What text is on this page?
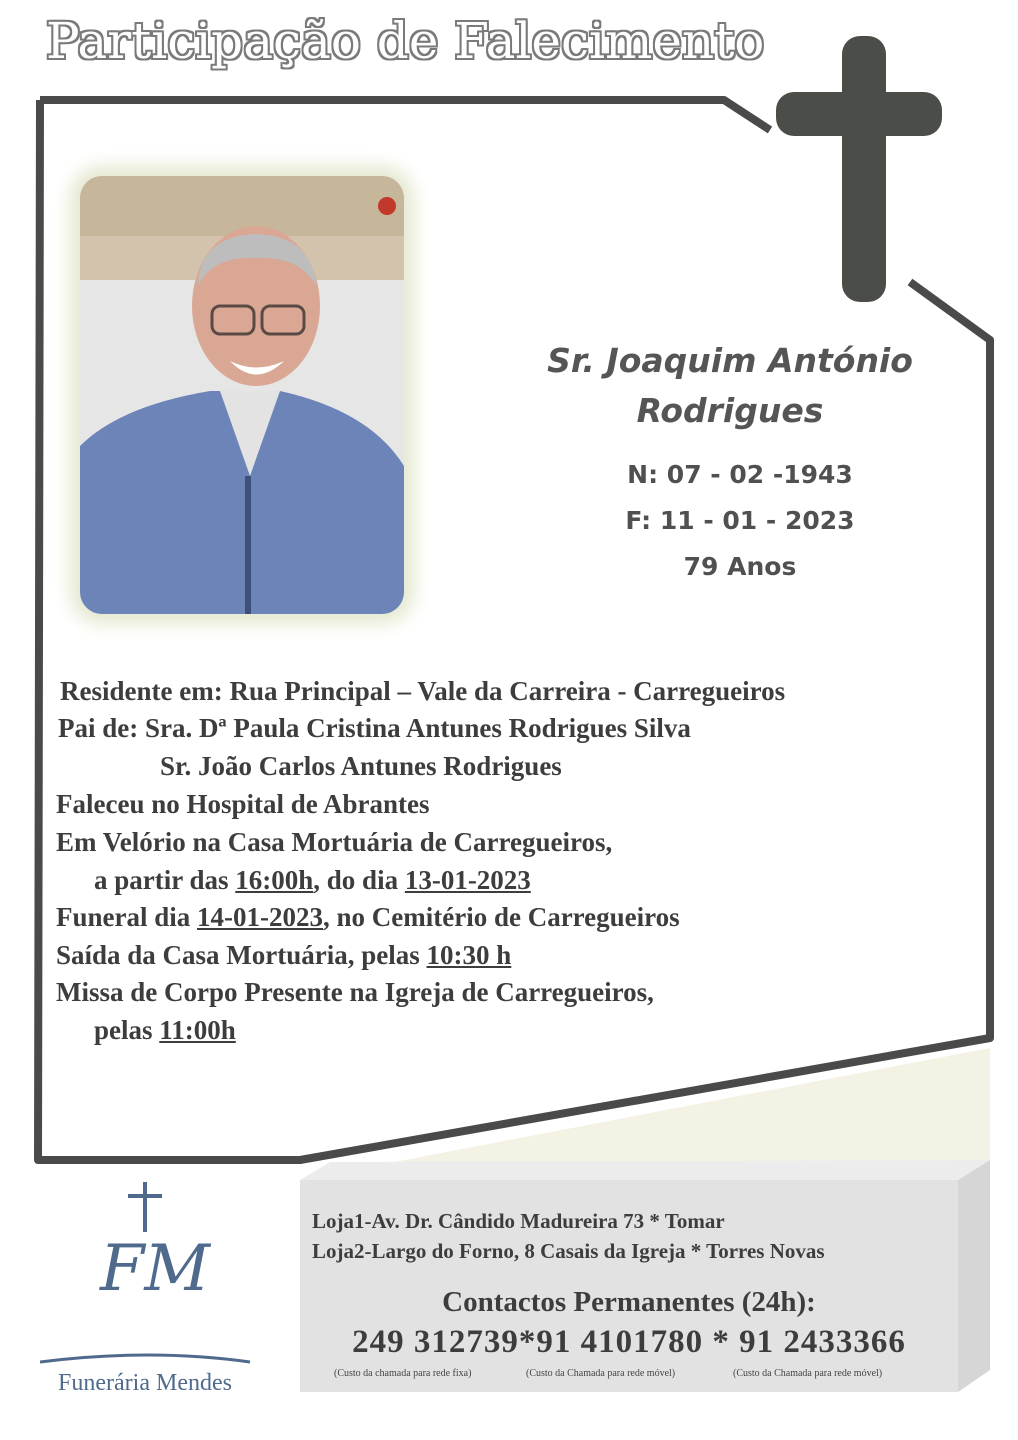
Participação de Falecimento
Sr. Joaquim António
Rodrigues
N: 07 - 02 -1943
F: 11 - 01 - 2023
79 Anos
Residente em: Rua Principal – Vale da Carreira - Carregueiros
Pai de: Sra. Dª Paula Cristina Antunes Rodrigues Silva
Sr. João Carlos Antunes Rodrigues
Faleceu no Hospital de Abrantes
Em Velório na Casa Mortuária de Carregueiros,
a partir das 16:00h, do dia 13-01-2023
Funeral dia 14-01-2023, no Cemitério de Carregueiros
Saída da Casa Mortuária, pelas 10:30 h
Missa de Corpo Presente na Igreja de Carregueiros,
pelas 11:00h
Loja1-Av. Dr. Cândido Madureira 73 * Tomar
Loja2-Largo do Forno, 8 Casais da Igreja * Torres Novas
Contactos Permanentes (24h):
249 312739*91 4101780 * 91 2433366
(Custo da chamada para rede fixa)	(Custo da Chamada para rede móvel)	(Custo da Chamada para rede móvel)
FM
Funerária Mendes
